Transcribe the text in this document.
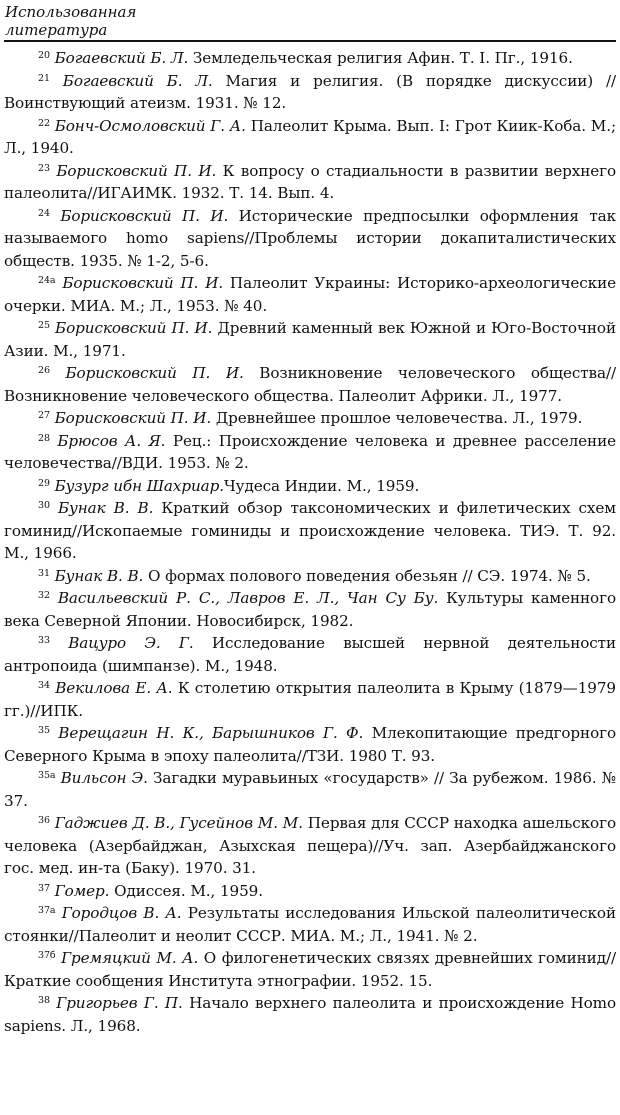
Использованная
литература

$^{20}$ Богаевский Б. Л. Земледельческая религия Афин. Т. I. Пг., 1916.

$^{21}$ Богаевский Б. Л. Магия и религия. (В порядке дискуссии) // Воинствующий атеизм. 1931. № 12.

$^{22}$ Бонч-Осмоловский Г. А. Палеолит Крыма. Вып. I: Грот Киик-Коба. М.; Л., 1940.

$^{23}$ Борисковский П. И. К вопросу о стадиальности в развитии верхнего палеолита//ИГАИМК. 1932. Т. 14. Вып. 4.

$^{24}$ Борисковский П. И. Исторические предпосылки оформления так называемого homo sapiens//Проблемы истории докапиталистических обществ. 1935. № 1-2, 5-6.

$^{24а}$ Борисковский П. И. Палеолит Украины: Историко-археологические очерки. МИА. М.; Л., 1953. № 40.

$^{25}$ Борисковский П. И. Древний каменный век Южной и Юго-Восточной Азии. М., 1971.

$^{26}$ Борисковский П. И. Возникновение человеческого общества//Возникновение человеческого общества. Палеолит Африки. Л., 1977.

$^{27}$ Борисковский П. И. Древнейшее прошлое человечества. Л., 1979.

$^{28}$ Брюсов А. Я. Рец.: Происхождение человека и древнее расселение человечества//ВДИ. 1953. № 2.

$^{29}$ Бузург ибн Шахриар.Чудеса Индии. М., 1959.

$^{30}$ Бунак В. В. Краткий обзор таксономических и филетических схем гоминид//Ископаемые гоминиды и происхождение человека. ТИЭ. Т. 92. М., 1966.

$^{31}$ Бунак В. В. О формах полового поведения обезьян // СЭ. 1974. № 5.

$^{32}$ Васильевский Р. С., Лавров Е. Л., Чан Су Бу. Культуры каменного века Северной Японии. Новосибирск, 1982.

$^{33}$ Вацуро Э. Г. Исследование высшей нервной деятельности антропоида (шимпанзе). М., 1948.

$^{34}$ Векилова Е. А. К столетию открытия палеолита в Крыму (1879—1979 гг.)//ИПК.

$^{35}$ Верещагин Н. К., Барышников Г. Ф. Млекопитающие предгорного Северного Крыма в эпоху палеолита//ТЗИ. 1980 Т. 93.

$^{35а}$ Вильсон Э. Загадки муравьиных «государств» // За рубежом. 1986. № 37.

$^{36}$ Гаджиев Д. В., Гусейнов М. М. Первая для СССР находка ашельского человека (Азербайджан, Азыхская пещера)//Уч. зап. Азербайджанского гос. мед. ин-та (Баку). 1970. 31.

$^{37}$ Гомер. Одиссея. М., 1959.

$^{37а}$ Городцов В. А. Результаты исследования Ильской палеолитической стоянки//Палеолит и неолит СССР. МИА. М.; Л., 1941. № 2.

$^{37б}$ Гремяцкий М. А. О филогенетических связях древнейших гоминид//Краткие сообщения Института этнографии. 1952. 15.

$^{38}$ Григорьев Г. П. Начало верхнего палеолита и происхождение Homo sapiens. Л., 1968.
